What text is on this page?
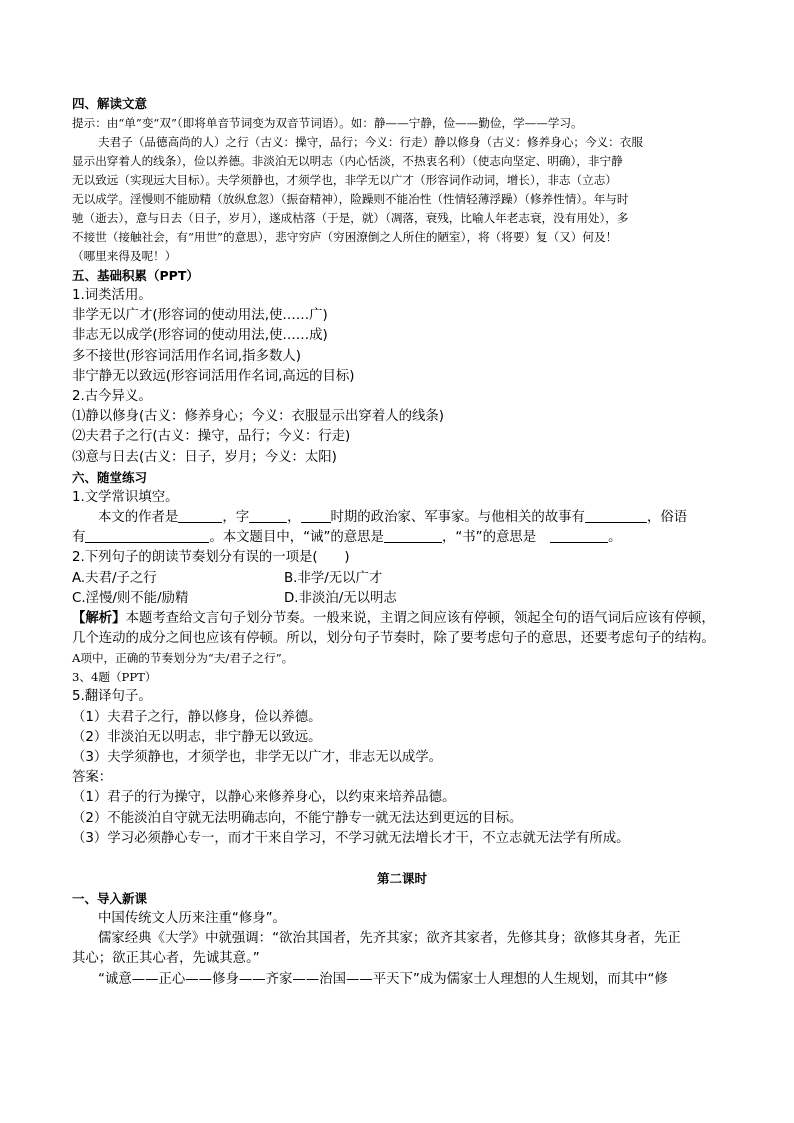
四、解读文意

提示：由“单”变“双”（即将单音节词变为双音节词语）。如：静——宁静，俭——勤俭，学——学习。

夫君子（品德高尚的人）之行（古义：操守，品行；今义：行走）静以修身（古义：修养身心；今义：衣服

显示出穿着人的线条），俭以养德。非淡泊无以明志（内心恬淡，不热衷名利）（使志向坚定、明确），非宁静

无以致远（实现远大目标）。夫学须静也，才须学也，非学无以广才（形容词作动词，增长），非志（立志）

无以成学。淫慢则不能励精（放纵怠忽）（振奋精神），险躁则不能冶性（性情轻薄浮躁）（修养性情）。年与时

驰（逝去），意与日去（日子，岁月），遂成枯落（于是，就）（凋落，衰残，比喻人年老志衰，没有用处），多

不接世（接触社会，有“用世”的意思），悲守穷庐（穷困潦倒之人所住的陋室），将（将要）复（又）何及！

（哪里来得及呢！）

五、基础积累（PPT）

1.词类活用。

非学无以广才(形容词的使动用法,使……广)

非志无以成学(形容词的使动用法,使……成)

多不接世(形容词活用作名词,指多数人)

非宁静无以致远(形容词活用作名词,高远的目标)

2.古今异义。

⑴静以修身(古义：修养身心；今义：衣服显示出穿着人的线条)

⑵夫君子之行(古义：操守，品行；今义：行走)

⑶意与日去(古义：日子，岁月；今义：太阳)

六、随堂练习

1.文学常识填空。

本文的作者是	，字	， 时期的政治家、军事家。与他相关的故事有	，俗语

有	。本文题目中，“诫”的意思是	，“书”的意思是	。

2.下列句子的朗读节奏划分有误的一项是(　　)

A.夫君/子之行	B.非学/无以广才
C.淫慢/则不能/励精	D.非淡泊/无以明志

【解析】本题考查给文言句子划分节奏。一般来说，主谓之间应该有停顿，领起全句的语气词后应该有停顿，

几个连动的成分之间也应该有停顿。所以，划分句子节奏时，除了要考虑句子的意思，还要考虑句子的结构。

A项中，正确的节奏划分为“夫/君子之行”。

3、4题（PPT）

5.翻译句子。

（1）夫君子之行，静以修身，俭以养德。

（2）非淡泊无以明志，非宁静无以致远。

（3）夫学须静也，才须学也，非学无以广才，非志无以成学。

答案：

（1）君子的行为操守，以静心来修养身心，以约束来培养品德。

（2）不能淡泊自守就无法明确志向，不能宁静专一就无法达到更远的目标。

（3）学习必须静心专一，而才干来自学习，不学习就无法增长才干，不立志就无法学有所成。

第二课时

一、导入新课

中国传统文人历来注重“修身”。

儒家经典《大学》中就强调：“欲治其国者，先齐其家；欲齐其家者，先修其身；欲修其身者，先正

其心；欲正其心者，先诚其意。”

“诚意——正心——修身——齐家——治国——平天下”成为儒家士人理想的人生规划，而其中“修
